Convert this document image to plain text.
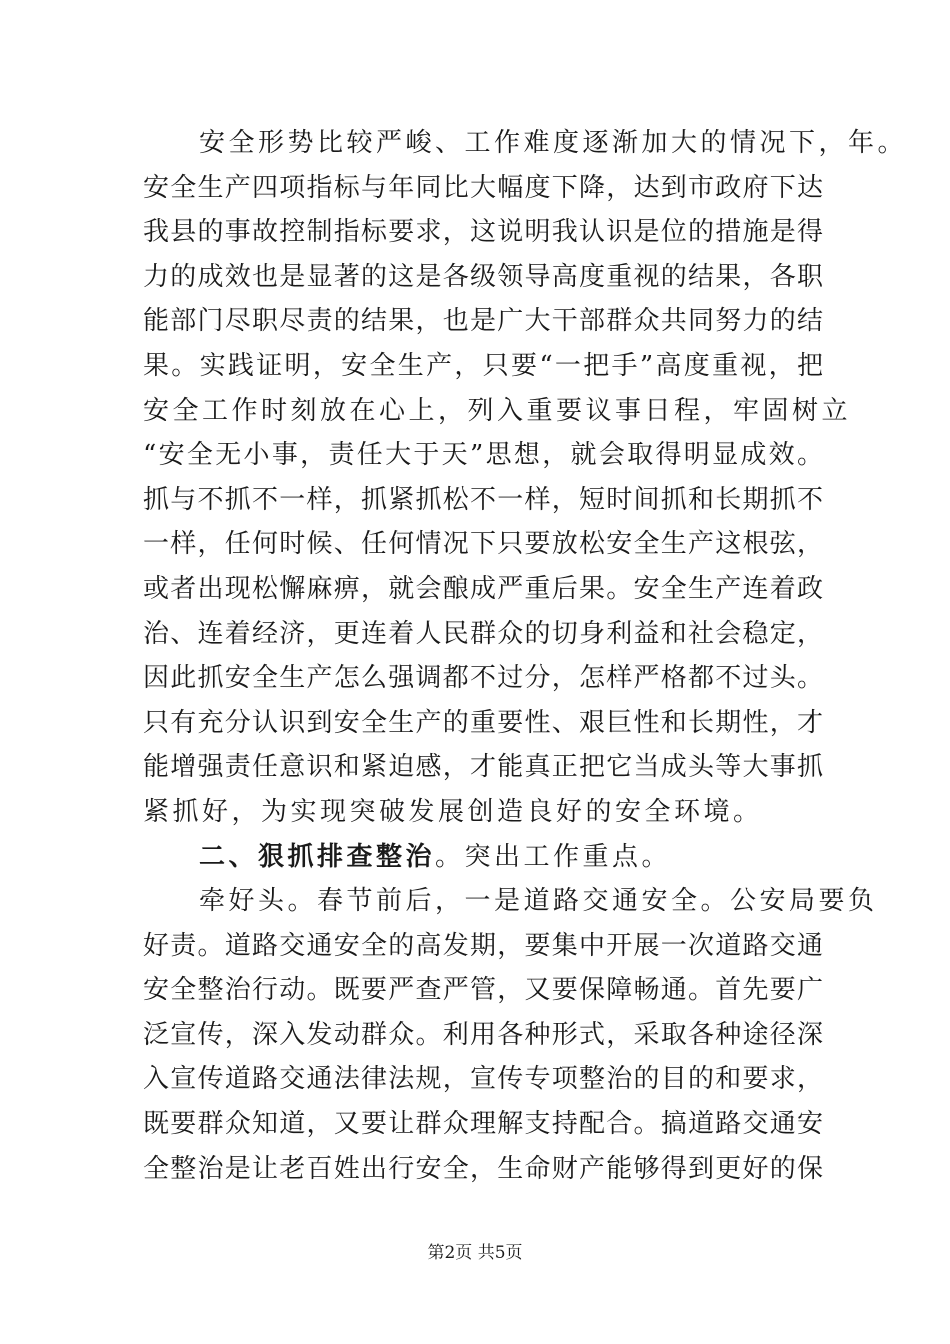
安全形势比较严峻、工作难度逐渐加大的情况下，年。
安全生产四项指标与年同比大幅度下降，达到市政府下达
我县的事故控制指标要求，这说明我认识是位的措施是得
力的成效也是显著的这是各级领导高度重视的结果，各职
能部门尽职尽责的结果，也是广大干部群众共同努力的结
果。实践证明，安全生产，只要“一把手”高度重视，把
安全工作时刻放在心上，列入重要议事日程，牢固树立
“安全无小事，责任大于天”思想，就会取得明显成效。
抓与不抓不一样，抓紧抓松不一样，短时间抓和长期抓不
一样，任何时候、任何情况下只要放松安全生产这根弦，
或者出现松懈麻痹，就会酿成严重后果。安全生产连着政
治、连着经济，更连着人民群众的切身利益和社会稳定，
因此抓安全生产怎么强调都不过分，怎样严格都不过头。
只有充分认识到安全生产的重要性、艰巨性和长期性，才
能增强责任意识和紧迫感，才能真正把它当成头等大事抓
紧抓好，为实现突破发展创造良好的安全环境。
二、狠抓排查整治。突出工作重点。
牵好头。春节前后，一是道路交通安全。公安局要负
好责。道路交通安全的高发期，要集中开展一次道路交通
安全整治行动。既要严查严管，又要保障畅通。首先要广
泛宣传，深入发动群众。利用各种形式，采取各种途径深
入宣传道路交通法律法规，宣传专项整治的目的和要求，
既要群众知道，又要让群众理解支持配合。搞道路交通安
全整治是让老百姓出行安全，生命财产能够得到更好的保
第2页 共5页
